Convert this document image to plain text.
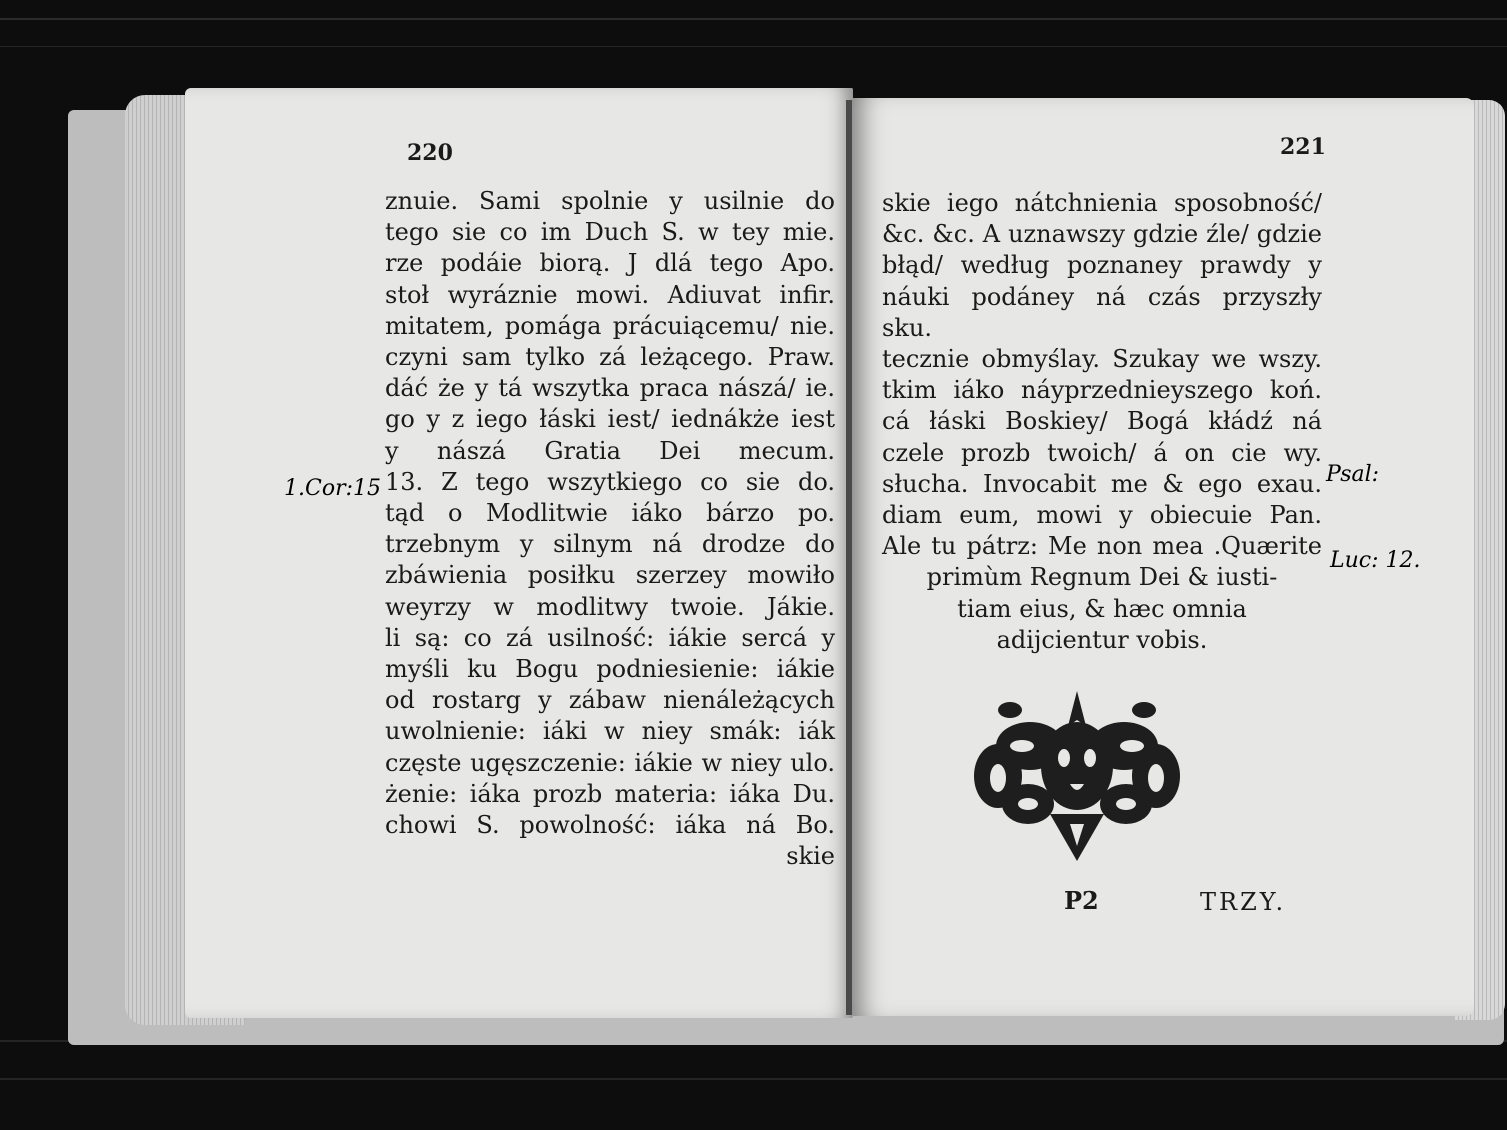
220
znuie. Sami spolnie y usilnie do
tego sie co im Duch S. w tey mie.
rze podáie biorą. J dlá tego Apo.
stoł wyráznie mowi. Adiuvat infir.
mitatem, pomága prácuiącemu/ nie.
czyni sam tylko zá leżącego. Praw.
dáć że y tá wszytka praca nászá/ ie.
go y z iego łáski iest/ iednákże iest
y nászá Gratia Dei mecum.
13. Z tego wszytkiego co sie do.
tąd o Modlitwie iáko bárzo po.
trzebnym y silnym ná drodze do
zbáwienia posiłku szerzey mowiło
weyrzy w modlitwy twoie. Jákie.
li są: co zá usilność: iákie sercá y
myśli ku Bogu podniesienie: iákie
od rostarg y zábaw nienáleżących
uwolnienie: iáki w niey smák: iák
częste ugęszczenie: iákie w niey ulo.
żenie: iáka prozb materia: iáka Du.
chowi S. powolność: iáka ná Bo.
skie
1.Cor:15
221
skie iego nátchnienia sposobność/
&c. &c. A uznawszy gdzie źle/ gdzie
błąd/ według poznaney prawdy y
náuki podáney ná czás przyszły sku.
tecznie obmyślay. Szukay we wszy.
tkim iáko náyprzednieyszego koń.
cá łáski Boskiey/ Bogá kłádź ná
czele prozb twoich/ á on cie wy.
słucha. Invocabit me & ego exau.
diam eum, mowi y obiecuie Pan.
Ale tu pátrz: Me non mea .Quærite
primùm Regnum Dei & iusti-
tiam eius, & hæc omnia
adijcientur vobis.
P2	TRZY.
Psal:
Luc: 12.
